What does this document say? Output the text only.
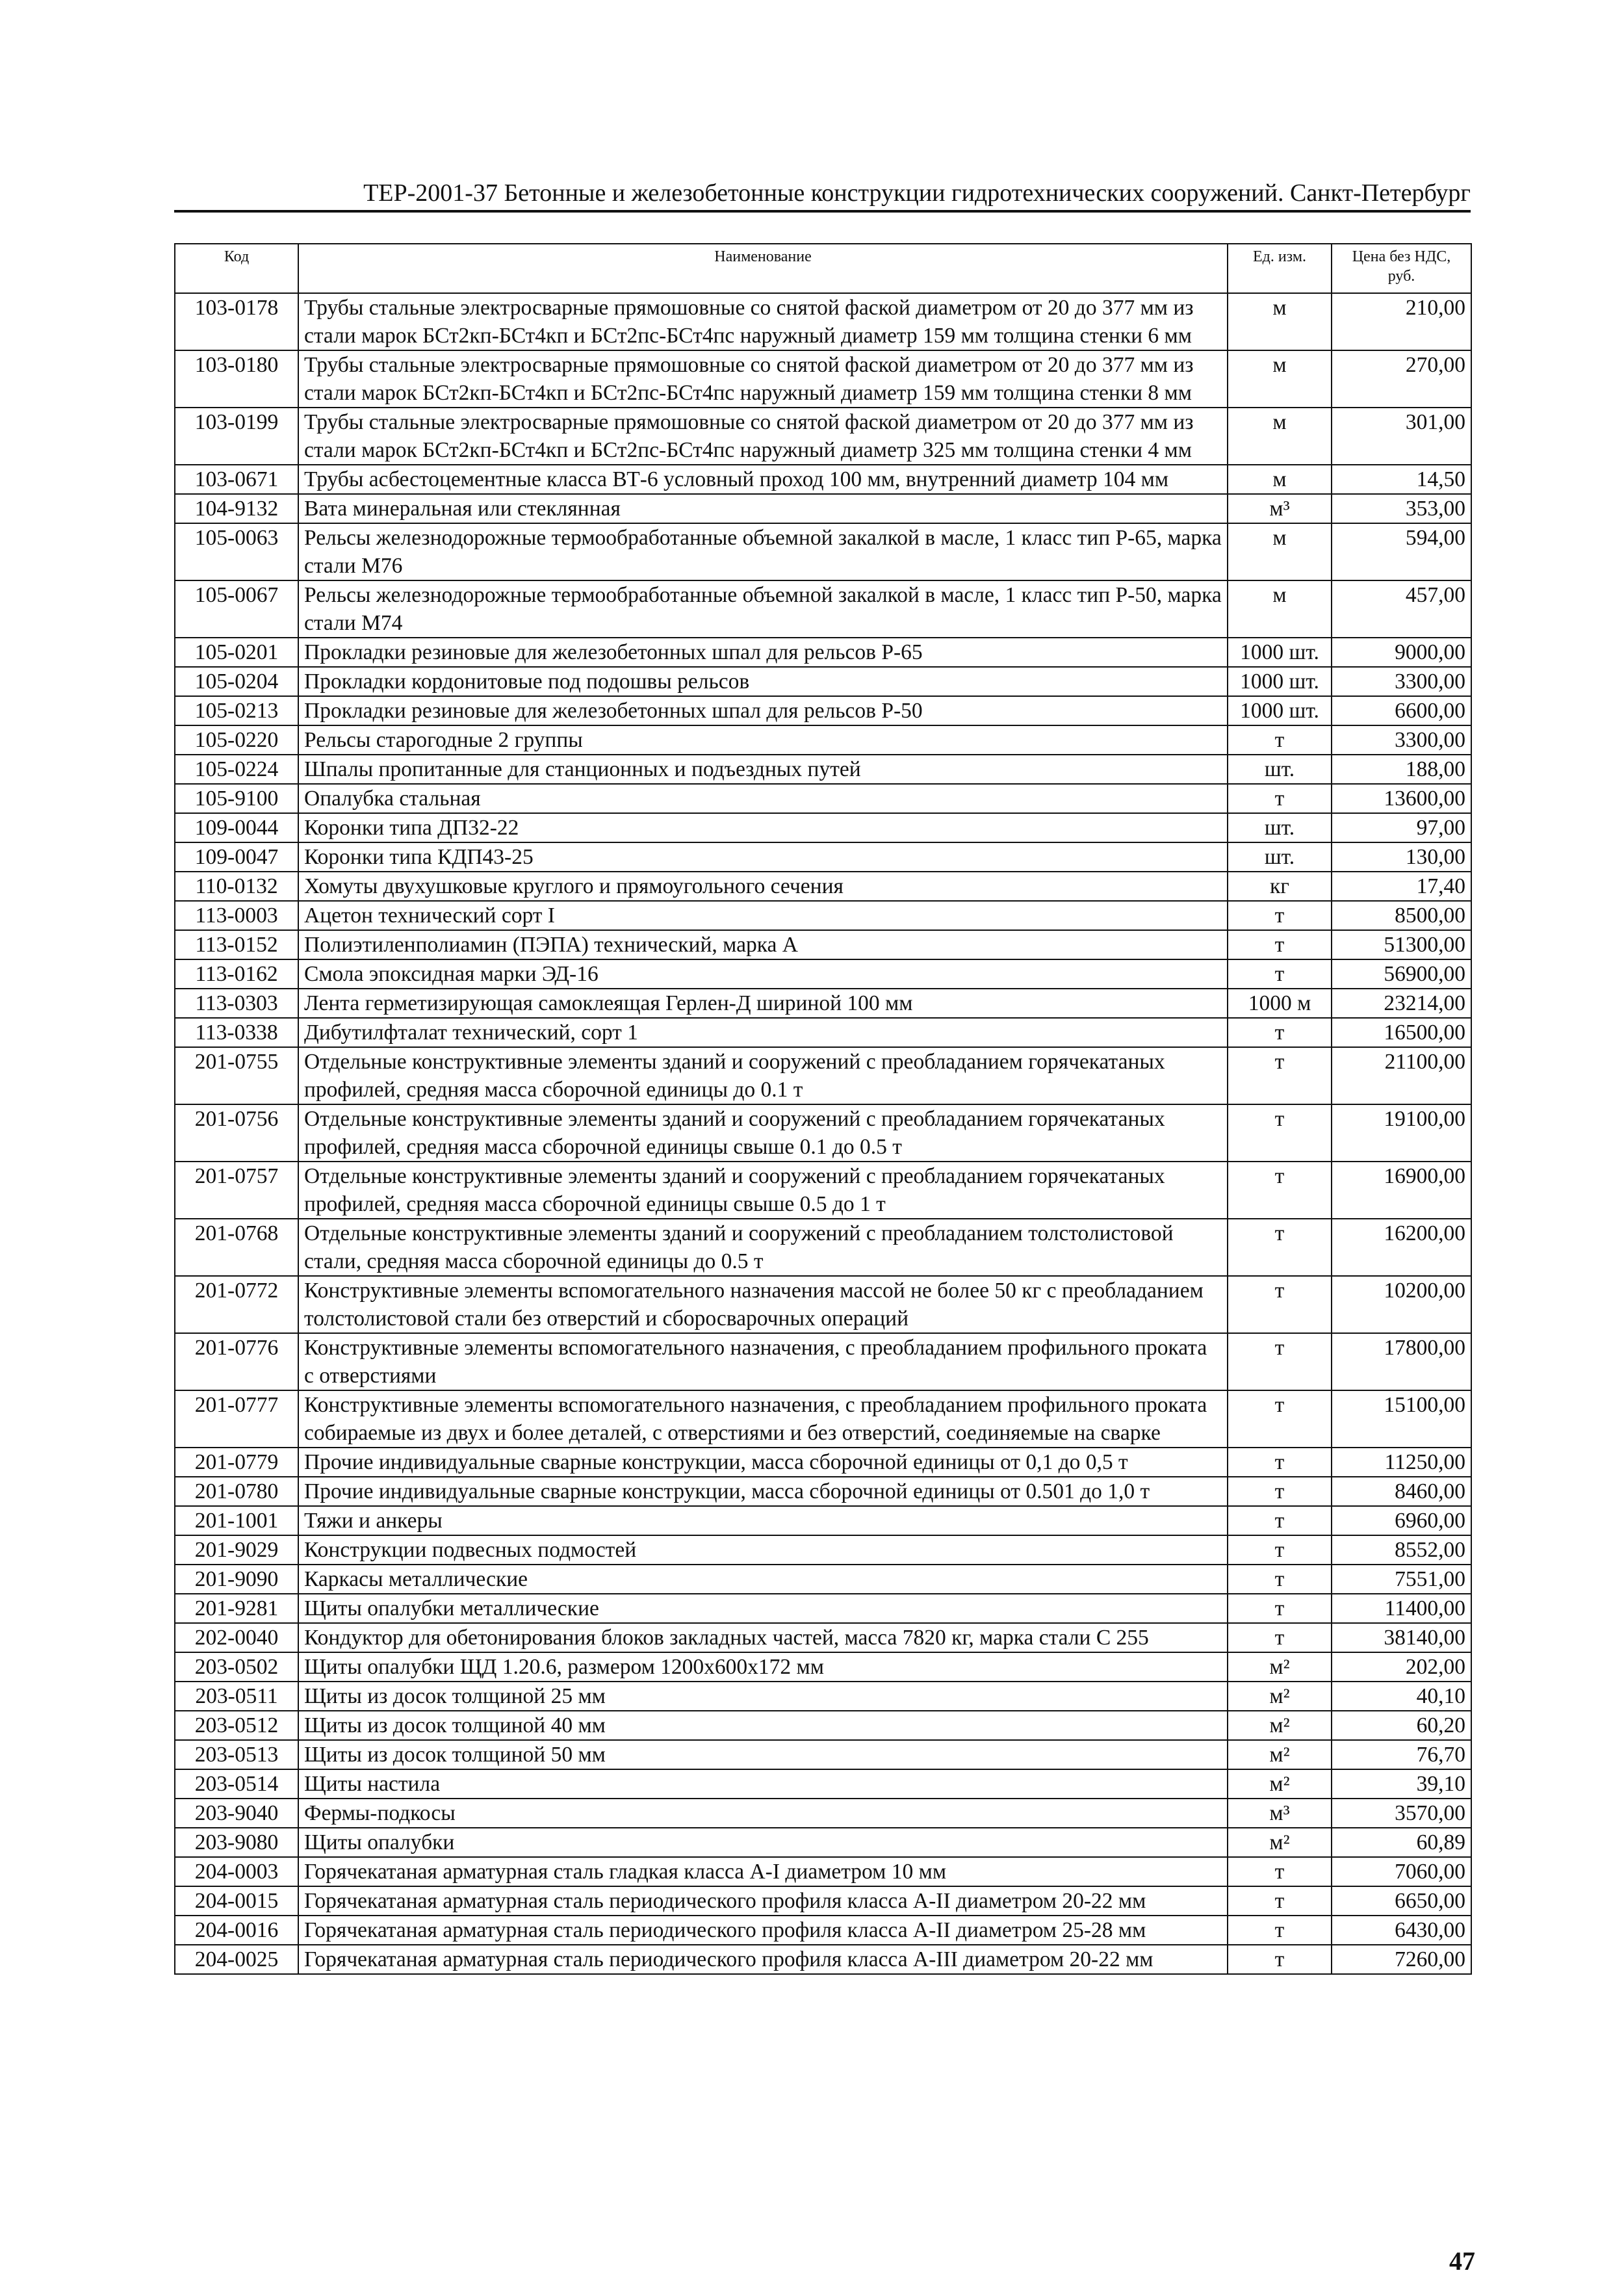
ТЕР-2001-37 Бетонные и железобетонные конструкции гидротехнических сооружений. Санкт-Петербург
Код	Наименование	Ед. изм.	Цена без НДС, руб.
103-0178	Трубы стальные электросварные прямошовные со снятой фаской диаметром от 20 до 377 мм из стали марок БСт2кп-БСт4кп и БСт2пс-БСт4пс наружный диаметр 159 мм толщина стенки 6 мм	м	210,00
103-0180	Трубы стальные электросварные прямошовные со снятой фаской диаметром от 20 до 377 мм из стали марок БСт2кп-БСт4кп и БСт2пс-БСт4пс наружный диаметр 159 мм толщина стенки 8 мм	м	270,00
103-0199	Трубы стальные электросварные прямошовные со снятой фаской диаметром от 20 до 377 мм из стали марок БСт2кп-БСт4кп и БСт2пс-БСт4пс наружный диаметр 325 мм толщина стенки 4 мм	м	301,00
103-0671	Трубы асбестоцементные класса ВТ-6 условный проход 100 мм, внутренний диаметр 104 мм	м	14,50
104-9132	Вата минеральная или стеклянная	м³	353,00
105-0063	Рельсы железнодорожные термообработанные объемной закалкой в масле, 1 класс тип Р-65, марка стали М76	м	594,00
105-0067	Рельсы железнодорожные термообработанные объемной закалкой в масле, 1 класс тип Р-50, марка стали М74	м	457,00
105-0201	Прокладки резиновые для железобетонных шпал для рельсов Р-65	1000 шт.	9000,00
105-0204	Прокладки кордонитовые под подошвы рельсов	1000 шт.	3300,00
105-0213	Прокладки резиновые для железобетонных шпал для рельсов Р-50	1000 шт.	6600,00
105-0220	Рельсы старогодные 2 группы	т	3300,00
105-0224	Шпалы пропитанные для станционных и подъездных путей	шт.	188,00
105-9100	Опалубка стальная	т	13600,00
109-0044	Коронки типа ДП32-22	шт.	97,00
109-0047	Коронки типа КДП43-25	шт.	130,00
110-0132	Хомуты двухушковые круглого и прямоугольного сечения	кг	17,40
113-0003	Ацетон технический сорт I	т	8500,00
113-0152	Полиэтиленполиамин (ПЭПА) технический, марка А	т	51300,00
113-0162	Смола эпоксидная марки ЭД-16	т	56900,00
113-0303	Лента герметизирующая самоклеящая Герлен-Д шириной 100 мм	1000 м	23214,00
113-0338	Дибутилфталат технический, сорт 1	т	16500,00
201-0755	Отдельные конструктивные элементы зданий и сооружений с преобладанием горячекатаных профилей, средняя масса сборочной единицы до 0.1 т	т	21100,00
201-0756	Отдельные конструктивные элементы зданий и сооружений с преобладанием горячекатаных профилей, средняя масса сборочной единицы свыше 0.1 до 0.5 т	т	19100,00
201-0757	Отдельные конструктивные элементы зданий и сооружений с преобладанием горячекатаных профилей, средняя масса сборочной единицы свыше 0.5 до 1 т	т	16900,00
201-0768	Отдельные конструктивные элементы зданий и сооружений с преобладанием толстолистовой стали, средняя масса сборочной единицы до 0.5 т	т	16200,00
201-0772	Конструктивные элементы вспомогательного назначения массой не более 50 кг с преобладанием толстолистовой стали без отверстий и сборосварочных операций	т	10200,00
201-0776	Конструктивные элементы вспомогательного назначения, с преобладанием профильного проката с отверстиями	т	17800,00
201-0777	Конструктивные элементы вспомогательного назначения, с преобладанием профильного проката собираемые из двух и более деталей, с отверстиями и без отверстий, соединяемые на сварке	т	15100,00
201-0779	Прочие индивидуальные сварные конструкции, масса сборочной единицы от 0,1 до 0,5 т	т	11250,00
201-0780	Прочие индивидуальные сварные конструкции, масса сборочной единицы от 0.501 до 1,0 т	т	8460,00
201-1001	Тяжи и анкеры	т	6960,00
201-9029	Конструкции подвесных подмостей	т	8552,00
201-9090	Каркасы металлические	т	7551,00
201-9281	Щиты опалубки металлические	т	11400,00
202-0040	Кондуктор для обетонирования блоков закладных частей, масса 7820 кг, марка стали С 255	т	38140,00
203-0502	Щиты опалубки ЩД 1.20.6, размером 1200х600х172 мм	м²	202,00
203-0511	Щиты из досок толщиной 25 мм	м²	40,10
203-0512	Щиты из досок толщиной 40 мм	м²	60,20
203-0513	Щиты из досок толщиной 50 мм	м²	76,70
203-0514	Щиты настила	м²	39,10
203-9040	Фермы-подкосы	м³	3570,00
203-9080	Щиты опалубки	м²	60,89
204-0003	Горячекатаная арматурная сталь гладкая класса А-I диаметром 10 мм	т	7060,00
204-0015	Горячекатаная арматурная сталь периодического профиля класса А-II диаметром 20-22 мм	т	6650,00
204-0016	Горячекатаная арматурная сталь периодического профиля класса А-II диаметром 25-28 мм	т	6430,00
204-0025	Горячекатаная арматурная сталь периодического профиля класса А-III диаметром 20-22 мм	т	7260,00
47
